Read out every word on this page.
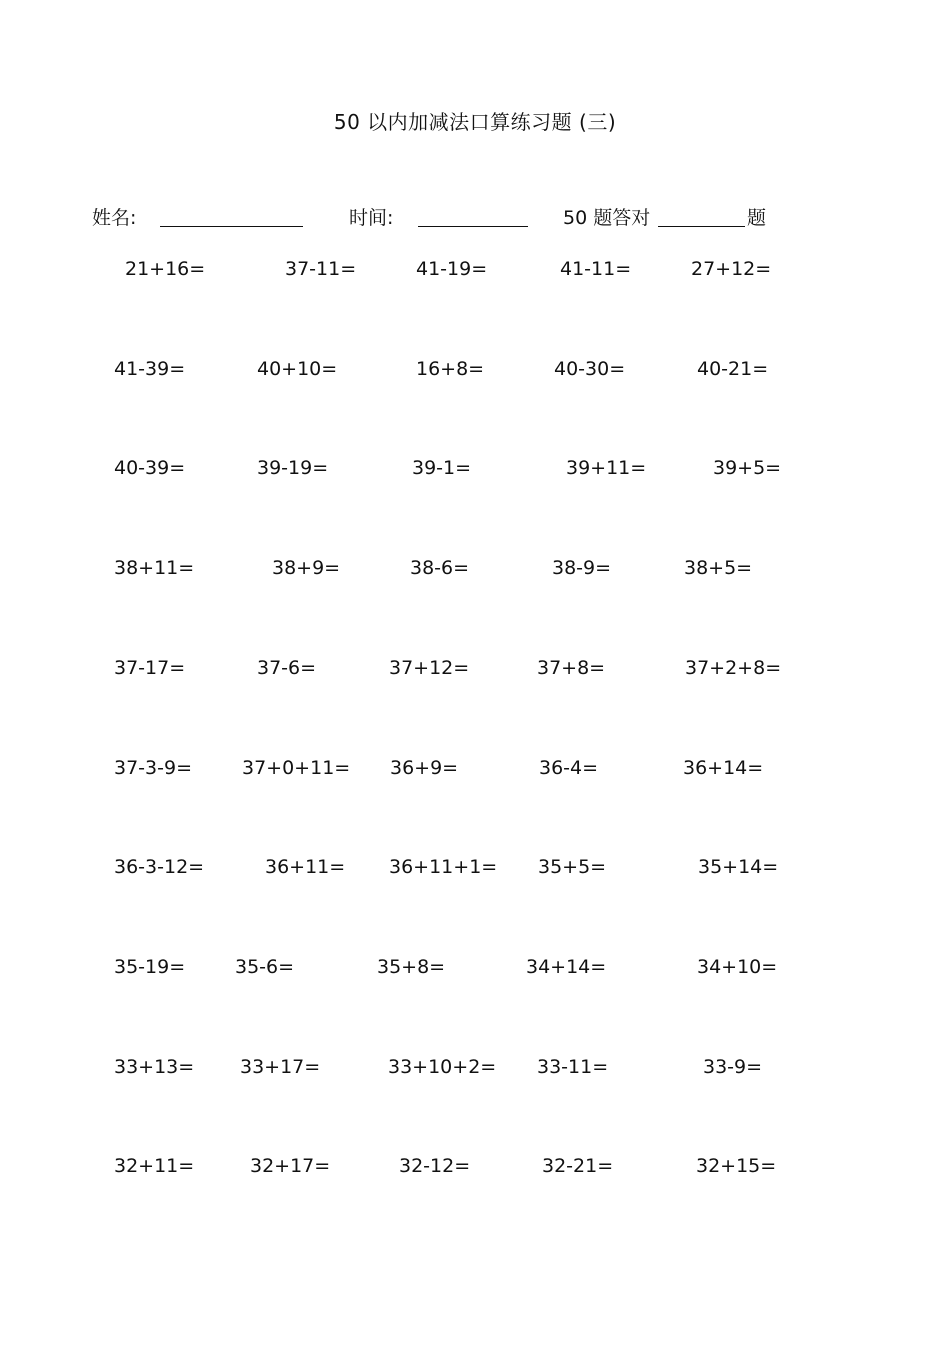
50 以内加减法口算练习题 (三)
姓名:	时间:	50 题答对	题
21+16=	37-11=	41-19=	41-11=	27+12=
41-39=	40+10=	16+8=	40-30=	40-21=
40-39=	39-19=	39-1=	39+11=	39+5=
38+11=	38+9=	38-6=	38-9=	38+5=
37-17=	37-6=	37+12=	37+8=	37+2+8=
37-3-9=	37+0+11= 36+9=	36-4=	36+14=
36-3-12=	36+11= 36+11+1= 35+5=	35+14=
35-19=	35-6=	35+8=	34+14=	34+10=
33+13= 33+17=	33+10+2= 33-11=	33-9=
32+11=	32+17=	32-12=	32-21=	32+15=
